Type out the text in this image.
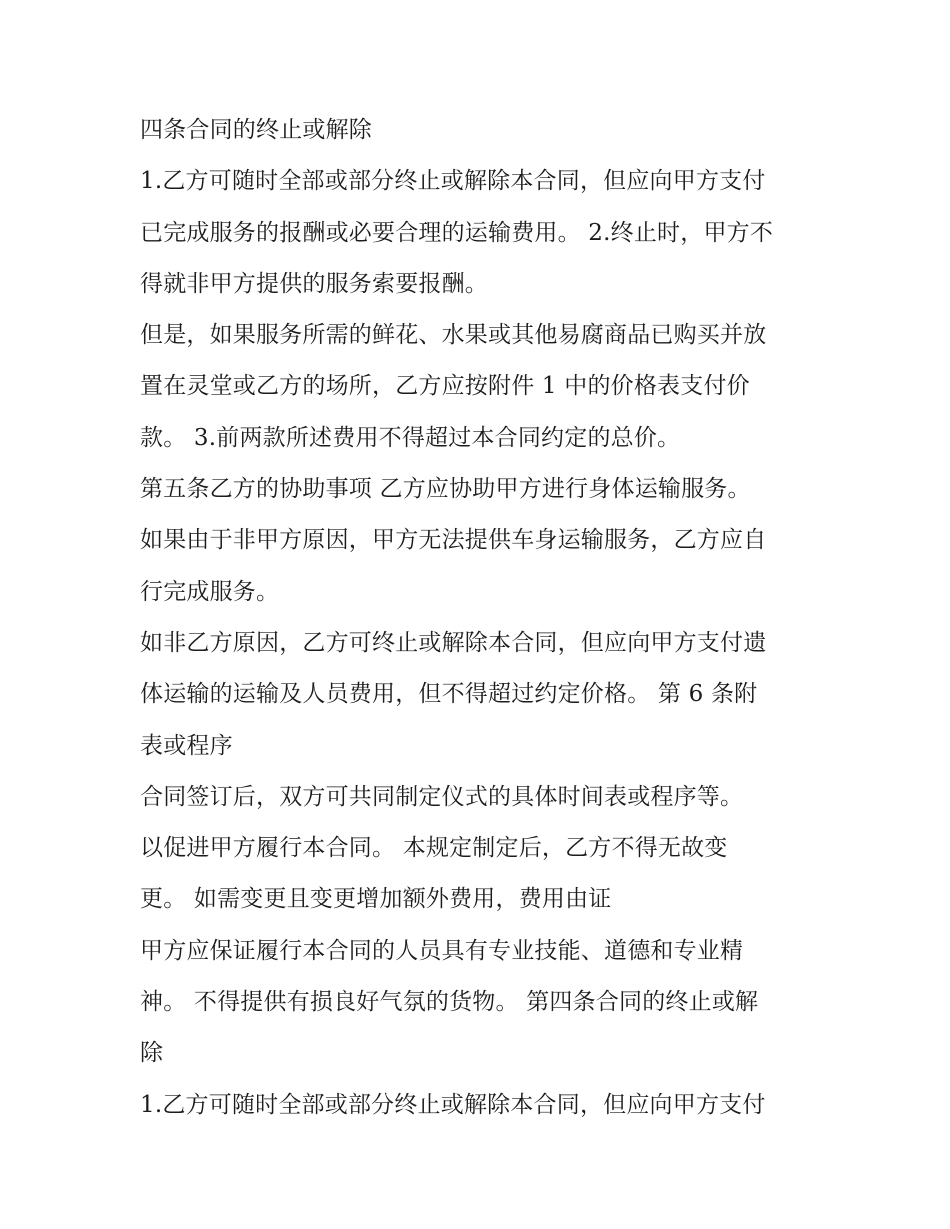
四条合同的终止或解除
1.乙方可随时全部或部分终止或解除本合同，但应向甲方支付
已完成服务的报酬或必要合理的运输费用。 2.终止时，甲方不
得就非甲方提供的服务索要报酬。
但是，如果服务所需的鲜花、水果或其他易腐商品已购买并放
置在灵堂或乙方的场所，乙方应按附件 1 中的价格表支付价
款。 3.前两款所述费用不得超过本合同约定的总价。
第五条乙方的协助事项 乙方应协助甲方进行身体运输服务。
如果由于非甲方原因，甲方无法提供车身运输服务，乙方应自
行完成服务。
如非乙方原因，乙方可终止或解除本合同，但应向甲方支付遗
体运输的运输及人员费用，但不得超过约定价格。 第 6 条附
表或程序
合同签订后，双方可共同制定仪式的具体时间表或程序等。
以促进甲方履行本合同。 本规定制定后，乙方不得无故变
更。 如需变更且变更增加额外费用，费用由证
甲方应保证履行本合同的人员具有专业技能、道德和专业精
神。 不得提供有损良好气氛的货物。 第四条合同的终止或解
除
1.乙方可随时全部或部分终止或解除本合同，但应向甲方支付
